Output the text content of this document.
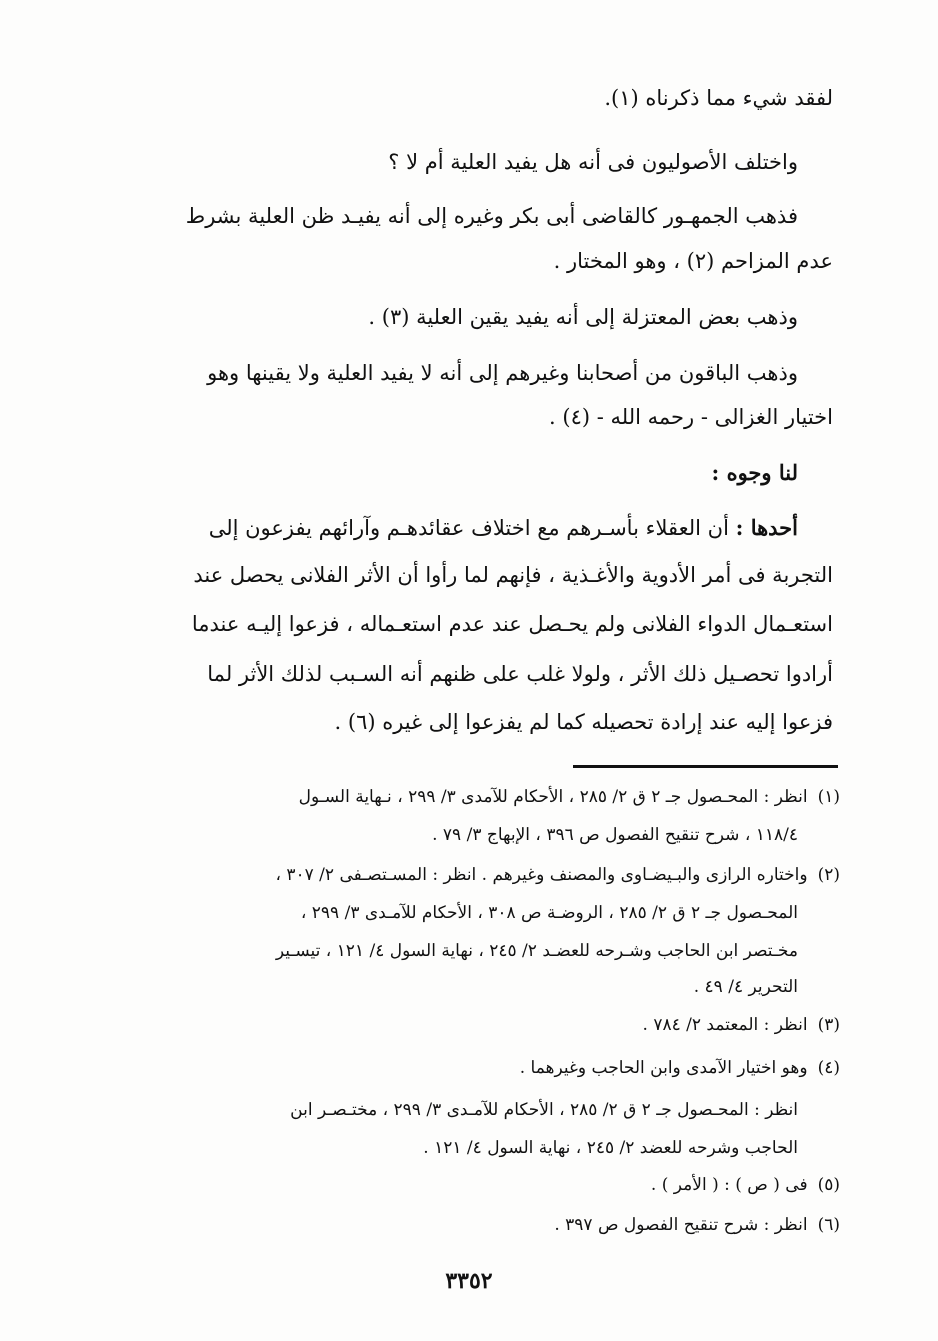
لفقد شيء مما ذكرناه (١).
واختلف الأصوليون فى أنه هل يفيد العلية أم لا ؟
فذهب الجمهـور كالقاضى أبى بكر وغيره إلى أنه يفيـد ظن العلية بشرط
عدم المزاحم (٢) ، وهو المختار .
وذهب بعض المعتزلة إلى أنه يفيد يقين العلية (٣) .
وذهب الباقون من أصحابنا وغيرهم إلى أنه لا يفيد العلية ولا يقينها وهو
اختيار الغزالى - رحمه الله - (٤) .
لنا وجوه :
أحدها : أن العقلاء بأسـرهم مع اختلاف عقائدهـم وآرائهم يفزعون إلى
التجربة فى أمر الأدوية والأغـذية ، فإنهم لما رأوا أن الأثر الفلانى يحصل عند
استعـمال الدواء الفلانى ولم يحـصل عند عدم استعـماله ، فزعوا إليـه عندما
أرادوا تحصـيل ذلك الأثر ، ولولا غلب على ظنهم أنه السـبب لذلك الأثر لما
فزعوا إليه عند إرادة تحصيله كما لم يفزعوا إلى غيره (٦) .
(١)انظر : المحـصول جـ ٢ ق ٢/ ٢٨٥ ، الأحكام للآمدى ٣/ ٢٩٩ ، نـهاية السـول
١١٨/٤ ، شرح تنقيح الفصول ص ٣٩٦ ، الإبهاج ٣/ ٧٩ .
(٢)واختاره الرازى والبـيضـاوى والمصنف وغيرهم . انظر : المسـتصـفى ٢/ ٣٠٧ ،
المحـصول جـ ٢ ق ٢/ ٢٨٥ ، الروضـة ص ٣٠٨ ، الأحكام للآمـدى ٣/ ٢٩٩ ،
مخـتصر ابن الحاجب وشـرحه للعضـد ٢/ ٢٤٥ ، نهاية السول ٤/ ١٢١ ، تيسـير
التحرير ٤/ ٤٩ .
(٣)انظر : المعتمد ٢/ ٧٨٤ .
(٤)وهو اختيار الآمدى وابن الحاجب وغيرهما .
انظر : المحـصول جـ ٢ ق ٢/ ٢٨٥ ، الأحكام للآمـدى ٣/ ٢٩٩ ، مختـصـر ابن
الحاجب وشرحه للعضد ٢/ ٢٤٥ ، نهاية السول ٤/ ١٢١ .
(٥)فى ( ص ) : ( الأمر ) .
(٦)انظر : شرح تنقيح الفصول ص ٣٩٧ .
٣٣٥٢
